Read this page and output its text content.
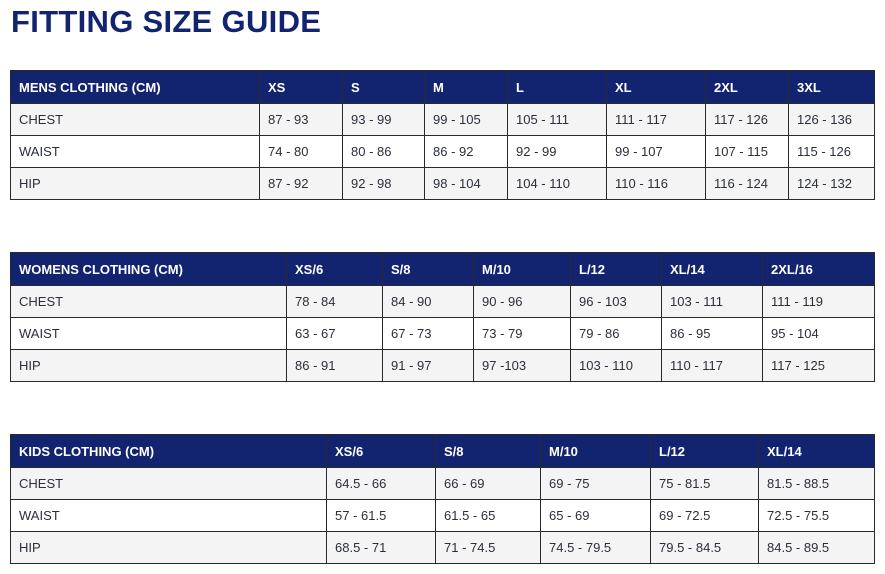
FITTING SIZE GUIDE
MENS CLOTHING (CM)	XS	S	M	L	XL	2XL	3XL
CHEST	87 - 93	93 - 99	99 - 105	105 - 111	111 - 117	117 - 126	126 - 136
WAIST	74 - 80	80 - 86	86 - 92	92 - 99	99 - 107	107 - 115	115 - 126
HIP	87 - 92	92 - 98	98 - 104	104 - 110	110 - 116	116 - 124	124 - 132
WOMENS CLOTHING (CM)	XS/6	S/8	M/10	L/12	XL/14	2XL/16
CHEST	78 - 84	84 - 90	90 - 96	96 - 103	103 - 111	111 - 119
WAIST	63 - 67	67 - 73	73 - 79	79 - 86	86 - 95	95 - 104
HIP	86 - 91	91 - 97	97 -103	103 - 110	110 - 117	117 - 125
KIDS CLOTHING (CM)	XS/6	S/8	M/10	L/12	XL/14
CHEST	64.5 - 66	66 - 69	69 - 75	75 - 81.5	81.5 - 88.5
WAIST	57 - 61.5	61.5 - 65	65 - 69	69 - 72.5	72.5 - 75.5
HIP	68.5 - 71	71 - 74.5	74.5 - 79.5	79.5 - 84.5	84.5 - 89.5
